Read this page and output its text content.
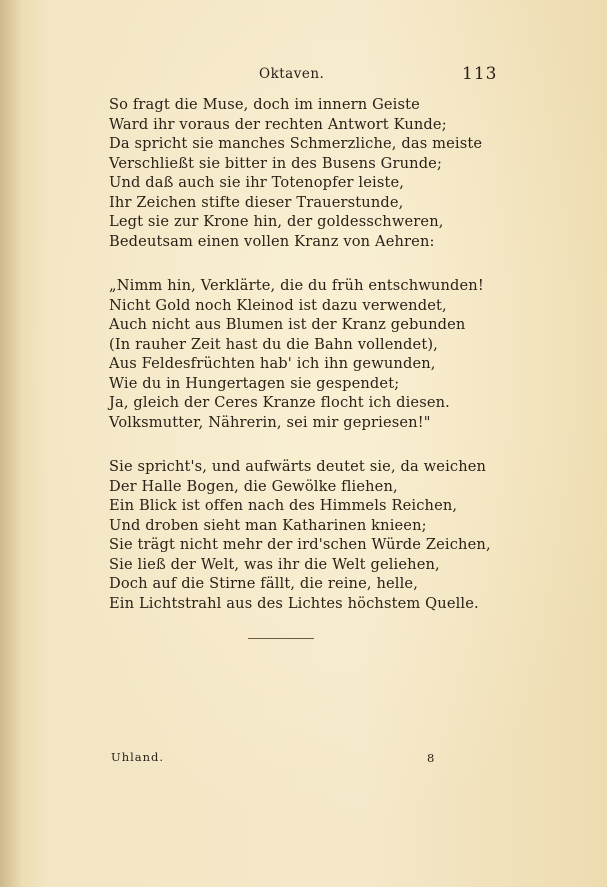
Oktaven.	113
So fragt die Muse, doch im innern Geiste
Ward ihr voraus der rechten Antwort Kunde;
Da spricht sie manches Schmerzliche, das meiste
Verschließt sie bitter in des Busens Grunde;
Und daß auch sie ihr Totenopfer leiste,
Ihr Zeichen stifte dieser Trauerstunde,
Legt sie zur Krone hin, der goldesschweren,
Bedeutsam einen vollen Kranz von Aehren:
„Nimm hin, Verklärte, die du früh entschwunden!
Nicht Gold noch Kleinod ist dazu verwendet,
Auch nicht aus Blumen ist der Kranz gebunden
(In rauher Zeit hast du die Bahn vollendet),
Aus Feldesfrüchten hab' ich ihn gewunden,
Wie du in Hungertagen sie gespendet;
Ja, gleich der Ceres Kranze flocht ich diesen.
Volksmutter, Nährerin, sei mir gepriesen!"
Sie spricht's, und aufwärts deutet sie, da weichen
Der Halle Bogen, die Gewölke fliehen,
Ein Blick ist offen nach des Himmels Reichen,
Und droben sieht man Katharinen knieen;
Sie trägt nicht mehr der ird'schen Würde Zeichen,
Sie ließ der Welt, was ihr die Welt geliehen,
Doch auf die Stirne fällt, die reine, helle,
Ein Lichtstrahl aus des Lichtes höchstem Quelle.
Uhland.	8
